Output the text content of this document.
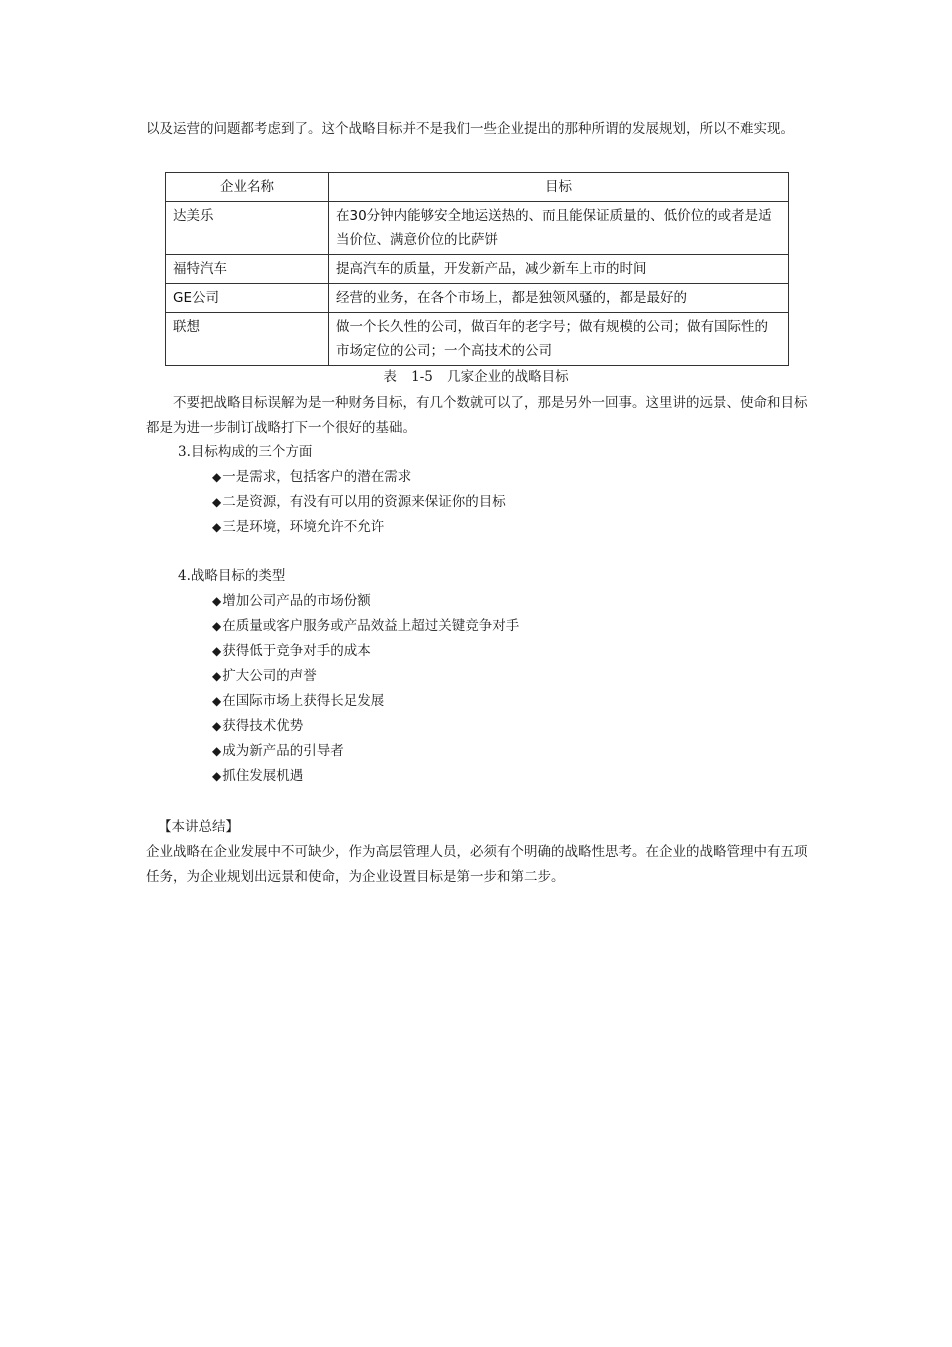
以及运营的问题都考虑到了。这个战略目标并不是我们一些企业提出的那种所谓的发展规划，所以不难实现。

企业名称	目标
达美乐	在30分钟内能够安全地运送热的、而且能保证质量的、低价位的或者是适当价位、满意价位的比萨饼
福特汽车	提高汽车的质量，开发新产品，减少新车上市的时间
GE公司	经营的业务，在各个市场上，都是独领风骚的，都是最好的
联想	做一个长久性的公司，做百年的老字号；做有规模的公司；做有国际性的市场定位的公司；一个高技术的公司

表 1-5 几家企业的战略目标

不要把战略目标误解为是一种财务目标，有几个数就可以了，那是另外一回事。这里讲的远景、使命和目标都是为进一步制订战略打下一个很好的基础。

3.目标构成的三个方面

◆一是需求，包括客户的潜在需求
◆二是资源，有没有可以用的资源来保证你的目标
◆三是环境，环境允许不允许

4.战略目标的类型

◆增加公司产品的市场份额
◆在质量或客户服务或产品效益上超过关键竞争对手
◆获得低于竞争对手的成本
◆扩大公司的声誉
◆在国际市场上获得长足发展
◆获得技术优势
◆成为新产品的引导者
◆抓住发展机遇

【本讲总结】

企业战略在企业发展中不可缺少，作为高层管理人员，必须有个明确的战略性思考。在企业的战略管理中有五项任务，为企业规划出远景和使命，为企业设置目标是第一步和第二步。
